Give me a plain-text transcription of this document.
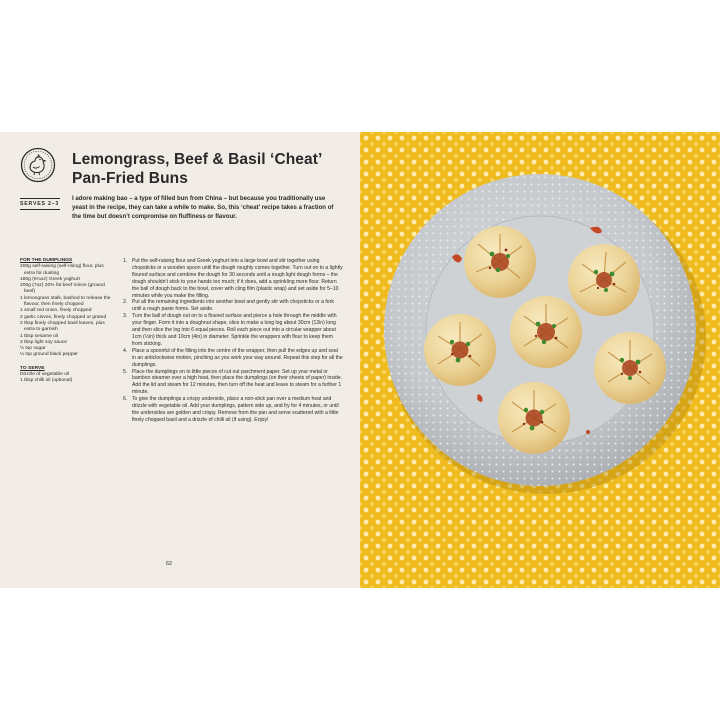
Lemongrass, Beef & Basil ‘Cheat’ Pan-Fried Buns
SERVES 2–3

I adore making bao – a type of filled bun from China – but because you traditionally use yeast in the recipe, they can take a while to make. So, this ‘cheat’ recipe takes a fraction of the time but doesn’t compromise on fluffiness or flavour.

FOR THE DUMPLINGS

200g self-raising (self-rising) flour, plus extra for dusting
180g (6¼oz) Greek yoghurt
200g (7oz) 20% fat beef mince (ground beef)
1 lemongrass stalk, bashed to release the flavour, then finely chopped
1 small red onion, finely chopped
2 garlic cloves, finely chopped or grated
2 tbsp finely chopped basil leaves, plus extra to garnish
1 tbsp sesame oil
2 tbsp light soy sauce
½ tsp sugar
¼ tsp ground black pepper

TO SERVE

Drizzle of vegetable oil
1 tbsp chilli oil (optional)
1. Put the self-raising flour and Greek yoghurt into a large bowl and stir together using chopsticks or a wooden spoon until the dough roughly comes together. Turn out on to a lightly floured surface and combine the dough for 30 seconds until a rough light dough forms – the dough shouldn’t stick to your hands too much; if it does, add a sprinkling more flour. Return the ball of dough back to the bowl, cover with cling film (plastic wrap) and set aside for 5–10 minutes while you make the filling.
2. Put all the remaining ingredients into another bowl and gently stir with chopsticks or a fork until a rough paste forms. Set aside.
3. Turn the ball of dough out on to a floured surface and pierce a hole through the middle with your finger. Form it into a doughnut shape, slice to make a long log about 30cm (12in) long and then slice the log into 6 equal pieces. Roll each piece out into a circular wrapper about 1cm (½in) thick and 10cm (4in) in diameter. Sprinkle the wrappers with flour to keep them from sticking.
4. Place a spoonful of the filling into the centre of the wrapper, then pull the edges up and seal in an anticlockwise motion, pinching as you work your way around. Repeat this step for all the dumplings.
5. Place the dumplings on to little pieces of cut out parchment paper. Set up your metal or bamboo steamer over a high heat, then place the dumplings (on their sheets of paper) inside. Add the lid and steam for 12 minutes, then turn off the heat and leave to steam for a further 1 minute.
6. To give the dumplings a crispy underside, place a non-stick pan over a medium heat and drizzle with vegetable oil. Add your dumplings, pattern side up, and fry for 4 minutes, or until the undersides are golden and crispy. Remove from the pan and serve scattered with a little finely chopped basil and a drizzle of chilli oil (if using). Enjoy!
62
